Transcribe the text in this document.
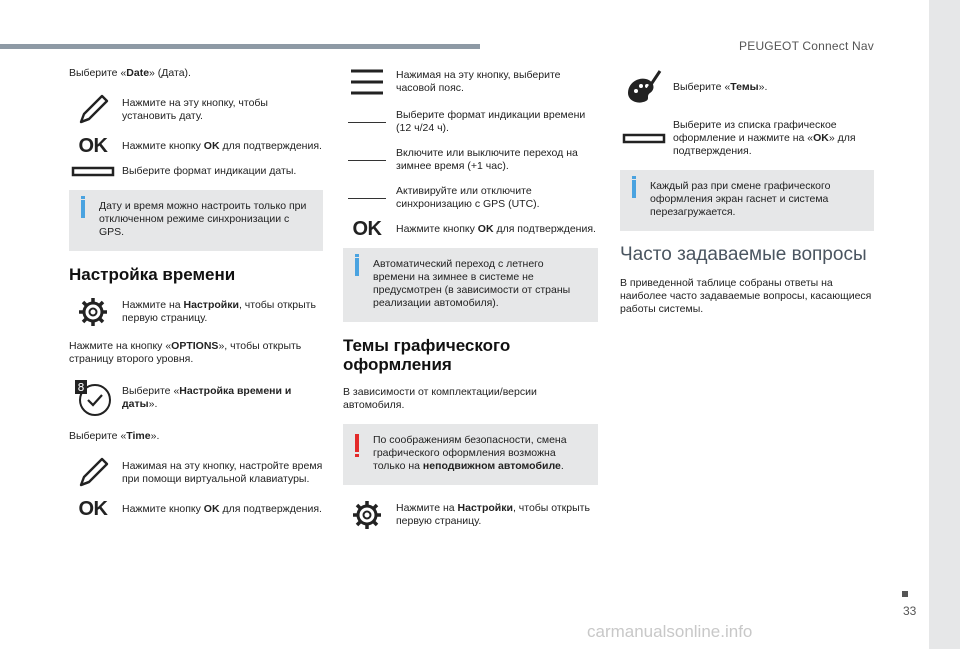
PEUGEOT Connect Nav
33
carmanualsonline.info

Выберите «Date» (Дата).

Нажмите на эту кнопку, чтобы установить дату.
OK	Нажмите кнопку OK для подтверждения.
Выберите формат индикации даты.
Дату и время можно настроить только при отключенном режиме синхронизации с GPS.
Настройка времени
Нажмите на Настройки, чтобы открыть первую страницу.

Нажмите на кнопку «OPTIONS», чтобы открыть страницу второго уровня.

8	Выберите «Настройка времени и даты».

Выберите «Time».

Нажимая на эту кнопку, настройте время при помощи виртуальной клавиатуры.
OK	Нажмите кнопку OK для подтверждения.
Нажимая на эту кнопку, выберите часовой пояс.
Выберите формат индикации времени (12 ч/24 ч).
Включите или выключите переход на зимнее время (+1 час).
Активируйте или отключите синхронизацию с GPS (UTC).
OK	Нажмите кнопку OK для подтверждения.
Автоматический переход с летнего времени на зимнее в системе не предусмотрен (в зависимости от страны реализации автомобиля).
Темы графического оформления

В зависимости от комплектации/версии автомобиля.

По соображениям безопасности, смена графического оформления возможна только на неподвижном автомобиле.
Нажмите на Настройки, чтобы открыть первую страницу.
Выберите «Темы».
Выберите из списка графическое оформление и нажмите на «OK» для подтверждения.
Каждый раз при смене графического оформления экран гаснет и система перезагружается.
Часто задаваемые вопросы

В приведенной таблице собраны ответы на наиболее часто задаваемые вопросы, касающиеся работы системы.
